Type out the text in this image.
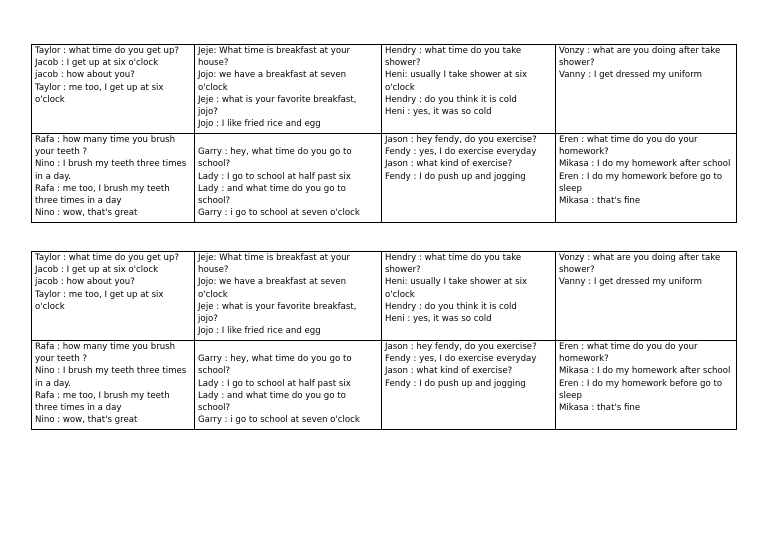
Taylor : what time do you get up?
Jacob : I get up at six o'clock
jacob : how about you?
Taylor : me too, I get up at six o'clock	Jeje: What time is breakfast at your house?
Jojo: we have a breakfast at seven o'clock
Jeje : what is your favorite breakfast, jojo?
Jojo : I like fried rice and egg	Hendry : what time do you take shower?
Heni: usually I take shower at six o'clock
Hendry : do you think it is cold
Heni : yes, it was so cold	Vonzy : what are you doing after take shower?
Vanny : I get dressed my uniform

Rafa : how many time you brush your teeth ?
Nino : I brush my teeth three times in a day.
Rafa : me too, I brush my teeth three times in a day
Nino : wow, that's great	Garry : hey, what time do you go to school?
Lady : I go to school at half past six
Lady : and what time do you go to school?
Garry : i go to school at seven o'clock	Jason : hey fendy, do you exercise?
Fendy : yes, I do exercise everyday
Jason : what kind of exercise?
Fendy : I do push up and jogging	Eren : what time do you do your homework?
Mikasa : I do my homework after school
Eren : I do my homework before go to sleep
Mikasa : that's fine
Taylor : what time do you get up?
Jacob : I get up at six o'clock
jacob : how about you?
Taylor : me too, I get up at six o'clock	Jeje: What time is breakfast at your house?
Jojo: we have a breakfast at seven o'clock
Jeje : what is your favorite breakfast, jojo?
Jojo : I like fried rice and egg	Hendry : what time do you take shower?
Heni: usually I take shower at six o'clock
Hendry : do you think it is cold
Heni : yes, it was so cold	Vonzy : what are you doing after take shower?
Vanny : I get dressed my uniform

Rafa : how many time you brush your teeth ?
Nino : I brush my teeth three times in a day.
Rafa : me too, I brush my teeth three times in a day
Nino : wow, that's great	Garry : hey, what time do you go to school?
Lady : I go to school at half past six
Lady : and what time do you go to school?
Garry : i go to school at seven o'clock	Jason : hey fendy, do you exercise?
Fendy : yes, I do exercise everyday
Jason : what kind of exercise?
Fendy : I do push up and jogging	Eren : what time do you do your homework?
Mikasa : I do my homework after school
Eren : I do my homework before go to sleep
Mikasa : that's fine
